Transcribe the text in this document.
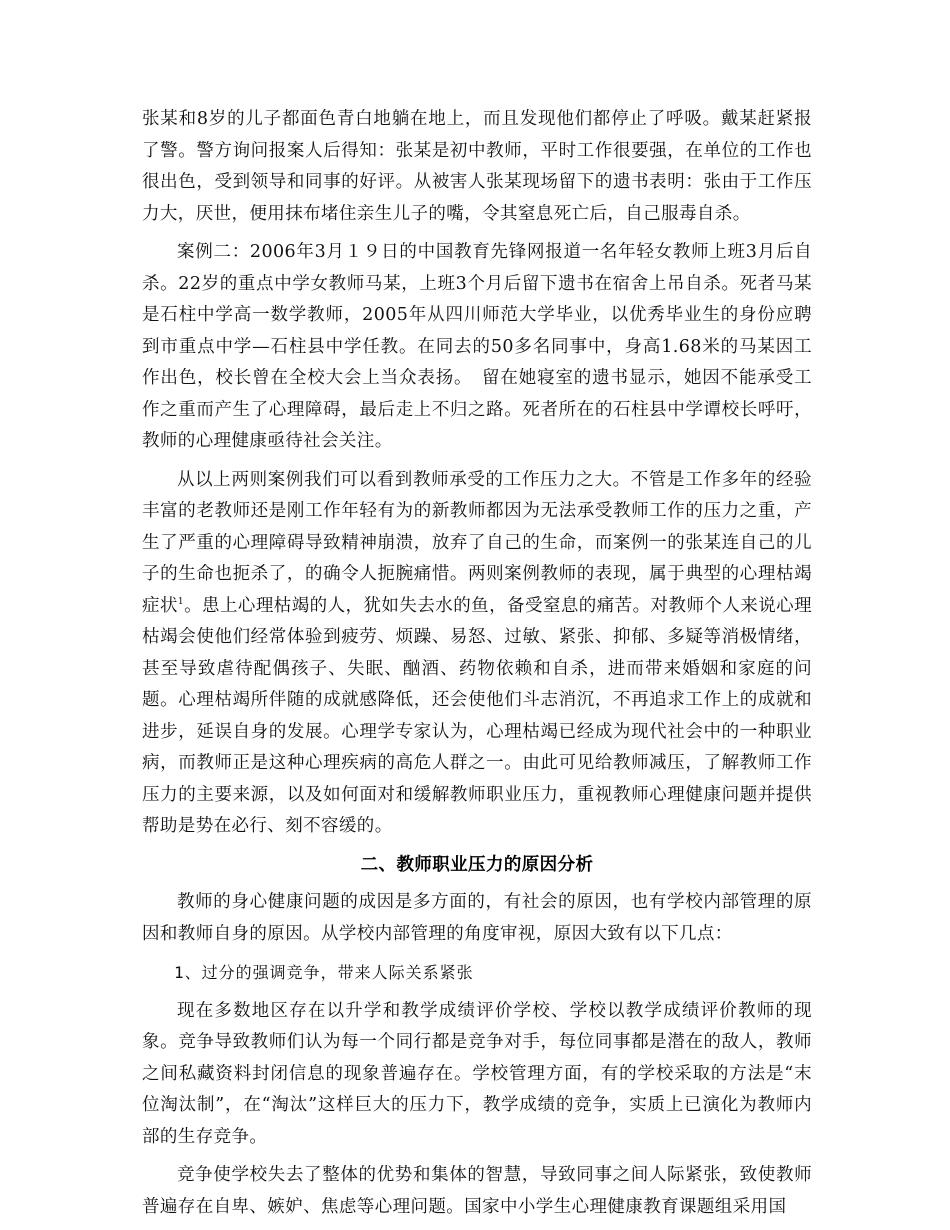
张某和8岁的儿子都面色青白地躺在地上，而且发现他们都停止了呼吸。戴某赶紧报了警。警方询问报案人后得知：张某是初中教师，平时工作很要强，在单位的工作也很出色，受到领导和同事的好评。从被害人张某现场留下的遗书表明：张由于工作压力大，厌世，便用抹布堵住亲生儿子的嘴，令其窒息死亡后，自己服毒自杀。

案例二：2006年3月１９日的中国教育先锋网报道一名年轻女教师上班3月后自杀。22岁的重点中学女教师马某，上班3个月后留下遗书在宿舍上吊自杀。死者马某是石柱中学高一数学教师，2005年从四川师范大学毕业，以优秀毕业生的身份应聘到市重点中学—石柱县中学任教。在同去的50多名同事中，身高1.68米的马某因工作出色，校长曾在全校大会上当众表扬。　留在她寝室的遗书显示，她因不能承受工作之重而产生了心理障碍，最后走上不归之路。死者所在的石柱县中学谭校长呼吁，教师的心理健康亟待社会关注。

从以上两则案例我们可以看到教师承受的工作压力之大。不管是工作多年的经验丰富的老教师还是刚工作年轻有为的新教师都因为无法承受教师工作的压力之重，产生了严重的心理障碍导致精神崩溃，放弃了自己的生命，而案例一的张某连自己的儿子的生命也扼杀了，的确令人扼腕痛惜。两则案例教师的表现，属于典型的心理枯竭症状$^1$。患上心理枯竭的人，犹如失去水的鱼，备受窒息的痛苦。对教师个人来说心理枯竭会使他们经常体验到疲劳、烦躁、易怒、过敏、紧张、抑郁、多疑等消极情绪，甚至导致虐待配偶孩子、失眠、酗酒、药物依赖和自杀，进而带来婚姻和家庭的问题。心理枯竭所伴随的成就感降低，还会使他们斗志消沉，不再追求工作上的成就和进步，延误自身的发展。心理学专家认为，心理枯竭已经成为现代社会中的一种职业病，而教师正是这种心理疾病的高危人群之一。由此可见给教师减压，了解教师工作压力的主要来源，以及如何面对和缓解教师职业压力，重视教师心理健康问题并提供帮助是势在必行、刻不容缓的。

二、教师职业压力的原因分析

教师的身心健康问题的成因是多方面的，有社会的原因，也有学校内部管理的原因和教师自身的原因。从学校内部管理的角度审视，原因大致有以下几点：

1、过分的强调竞争，带来人际关系紧张

现在多数地区存在以升学和教学成绩评价学校、学校以教学成绩评价教师的现象。竞争导致教师们认为每一个同行都是竞争对手，每位同事都是潜在的敌人，教师之间私藏资料封闭信息的现象普遍存在。学校管理方面，有的学校采取的方法是“末位淘汰制”，在“淘汰”这样巨大的压力下，教学成绩的竞争，实质上已演化为教师内部的生存竞争。

竞争使学校失去了整体的优势和集体的智慧，导致同事之间人际紧张，致使教师普遍存在自卑、嫉妒、焦虑等心理问题。国家中小学生心理健康教育课题组采用国
